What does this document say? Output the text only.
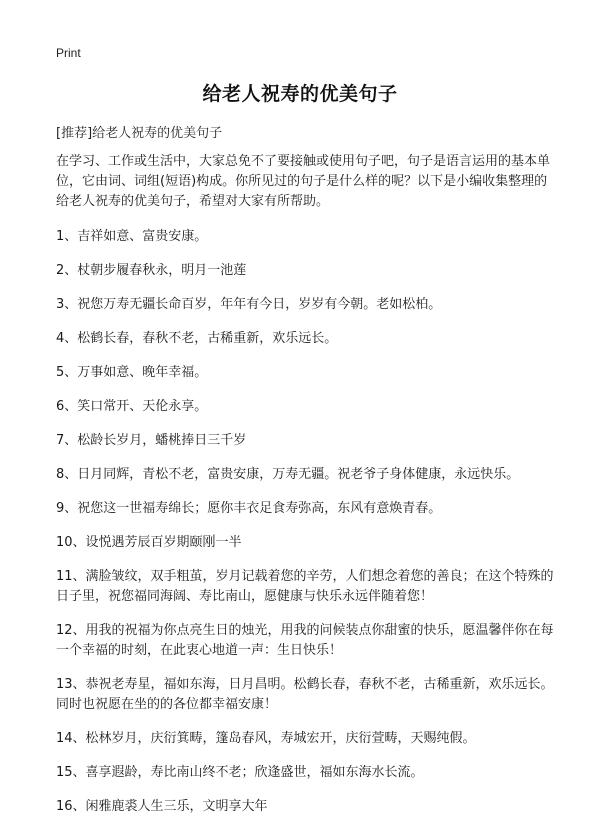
Print
给老人祝寿的优美句子
[推荐]给老人祝寿的优美句子

在学习、工作或生活中，大家总免不了要接触或使用句子吧，句子是语言运用的基本单位，它由词、词组(短语)构成。你所见过的句子是什么样的呢？以下是小编收集整理的给老人祝寿的优美句子，希望对大家有所帮助。

1、吉祥如意、富贵安康。

2、杖朝步履春秋永，明月一池莲

3、祝您万寿无疆长命百岁，年年有今日，岁岁有今朝。老如松柏。

4、松鹤长春，春秋不老，古稀重新，欢乐远长。

5、万事如意、晚年幸福。

6、笑口常开、天伦永享。

7、松龄长岁月，蟠桃捧日三千岁

8、日月同辉，青松不老，富贵安康，万寿无疆。祝老爷子身体健康，永远快乐。

9、祝您这一世福寿绵长；愿你丰衣足食寿弥高，东风有意焕青春。

10、设悦遇芳辰百岁期颐刚一半

11、满脸皱纹，双手粗茧，岁月记载着您的辛劳，人们想念着您的善良；在这个特殊的日子里，祝您福同海阔、寿比南山，愿健康与快乐永远伴随着您！

12、用我的祝福为你点亮生日的烛光，用我的问候装点你甜蜜的快乐，愿温馨伴你在每一个幸福的时刻，在此衷心地道一声：生日快乐！

13、恭祝老寿星，福如东海，日月昌明。松鹤长春，春秋不老，古稀重新，欢乐远长。同时也祝愿在坐的的各位都幸福安康！

14、松林岁月，庆衍箕畴，篷岛春风，寿城宏开，庆衍萱畴，天赐纯假。

15、喜享遐龄，寿比南山终不老；欣逢盛世，福如东海水长流。

16、闲雅鹿裘人生三乐，文明享大年
